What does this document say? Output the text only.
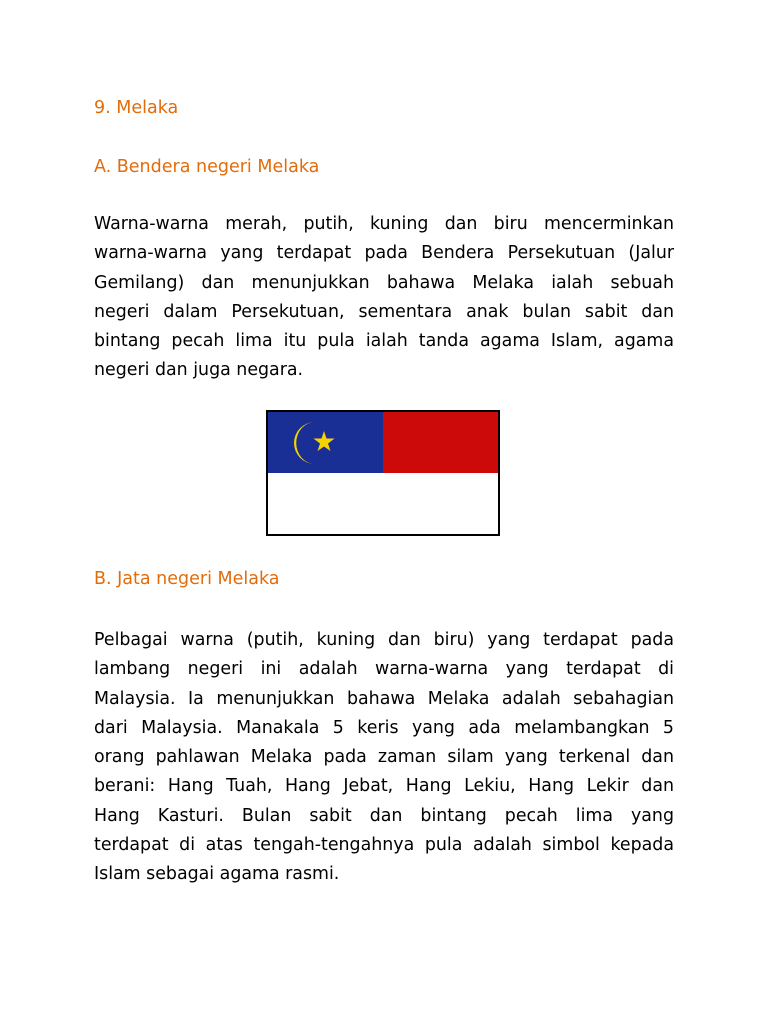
9. Melaka
A. Bendera negeri Melaka
Warna-warna merah, putih, kuning dan biru mencerminkan
warna-warna yang terdapat pada Bendera Persekutuan (Jalur
Gemilang) dan menunjukkan bahawa Melaka ialah sebuah
negeri dalam Persekutuan, sementara anak bulan sabit dan
bintang pecah lima itu pula ialah tanda agama Islam, agama
negeri dan juga negara.
B. Jata negeri Melaka
Pelbagai warna (putih, kuning dan biru) yang terdapat pada
lambang negeri ini adalah warna-warna yang terdapat di
Malaysia. Ia menunjukkan bahawa Melaka adalah sebahagian
dari Malaysia. Manakala 5 keris yang ada melambangkan 5
orang pahlawan Melaka pada zaman silam yang terkenal dan
berani: Hang Tuah, Hang Jebat, Hang Lekiu, Hang Lekir dan
Hang Kasturi. Bulan sabit dan bintang pecah lima yang
terdapat di atas tengah-tengahnya pula adalah simbol kepada
Islam sebagai agama rasmi.
